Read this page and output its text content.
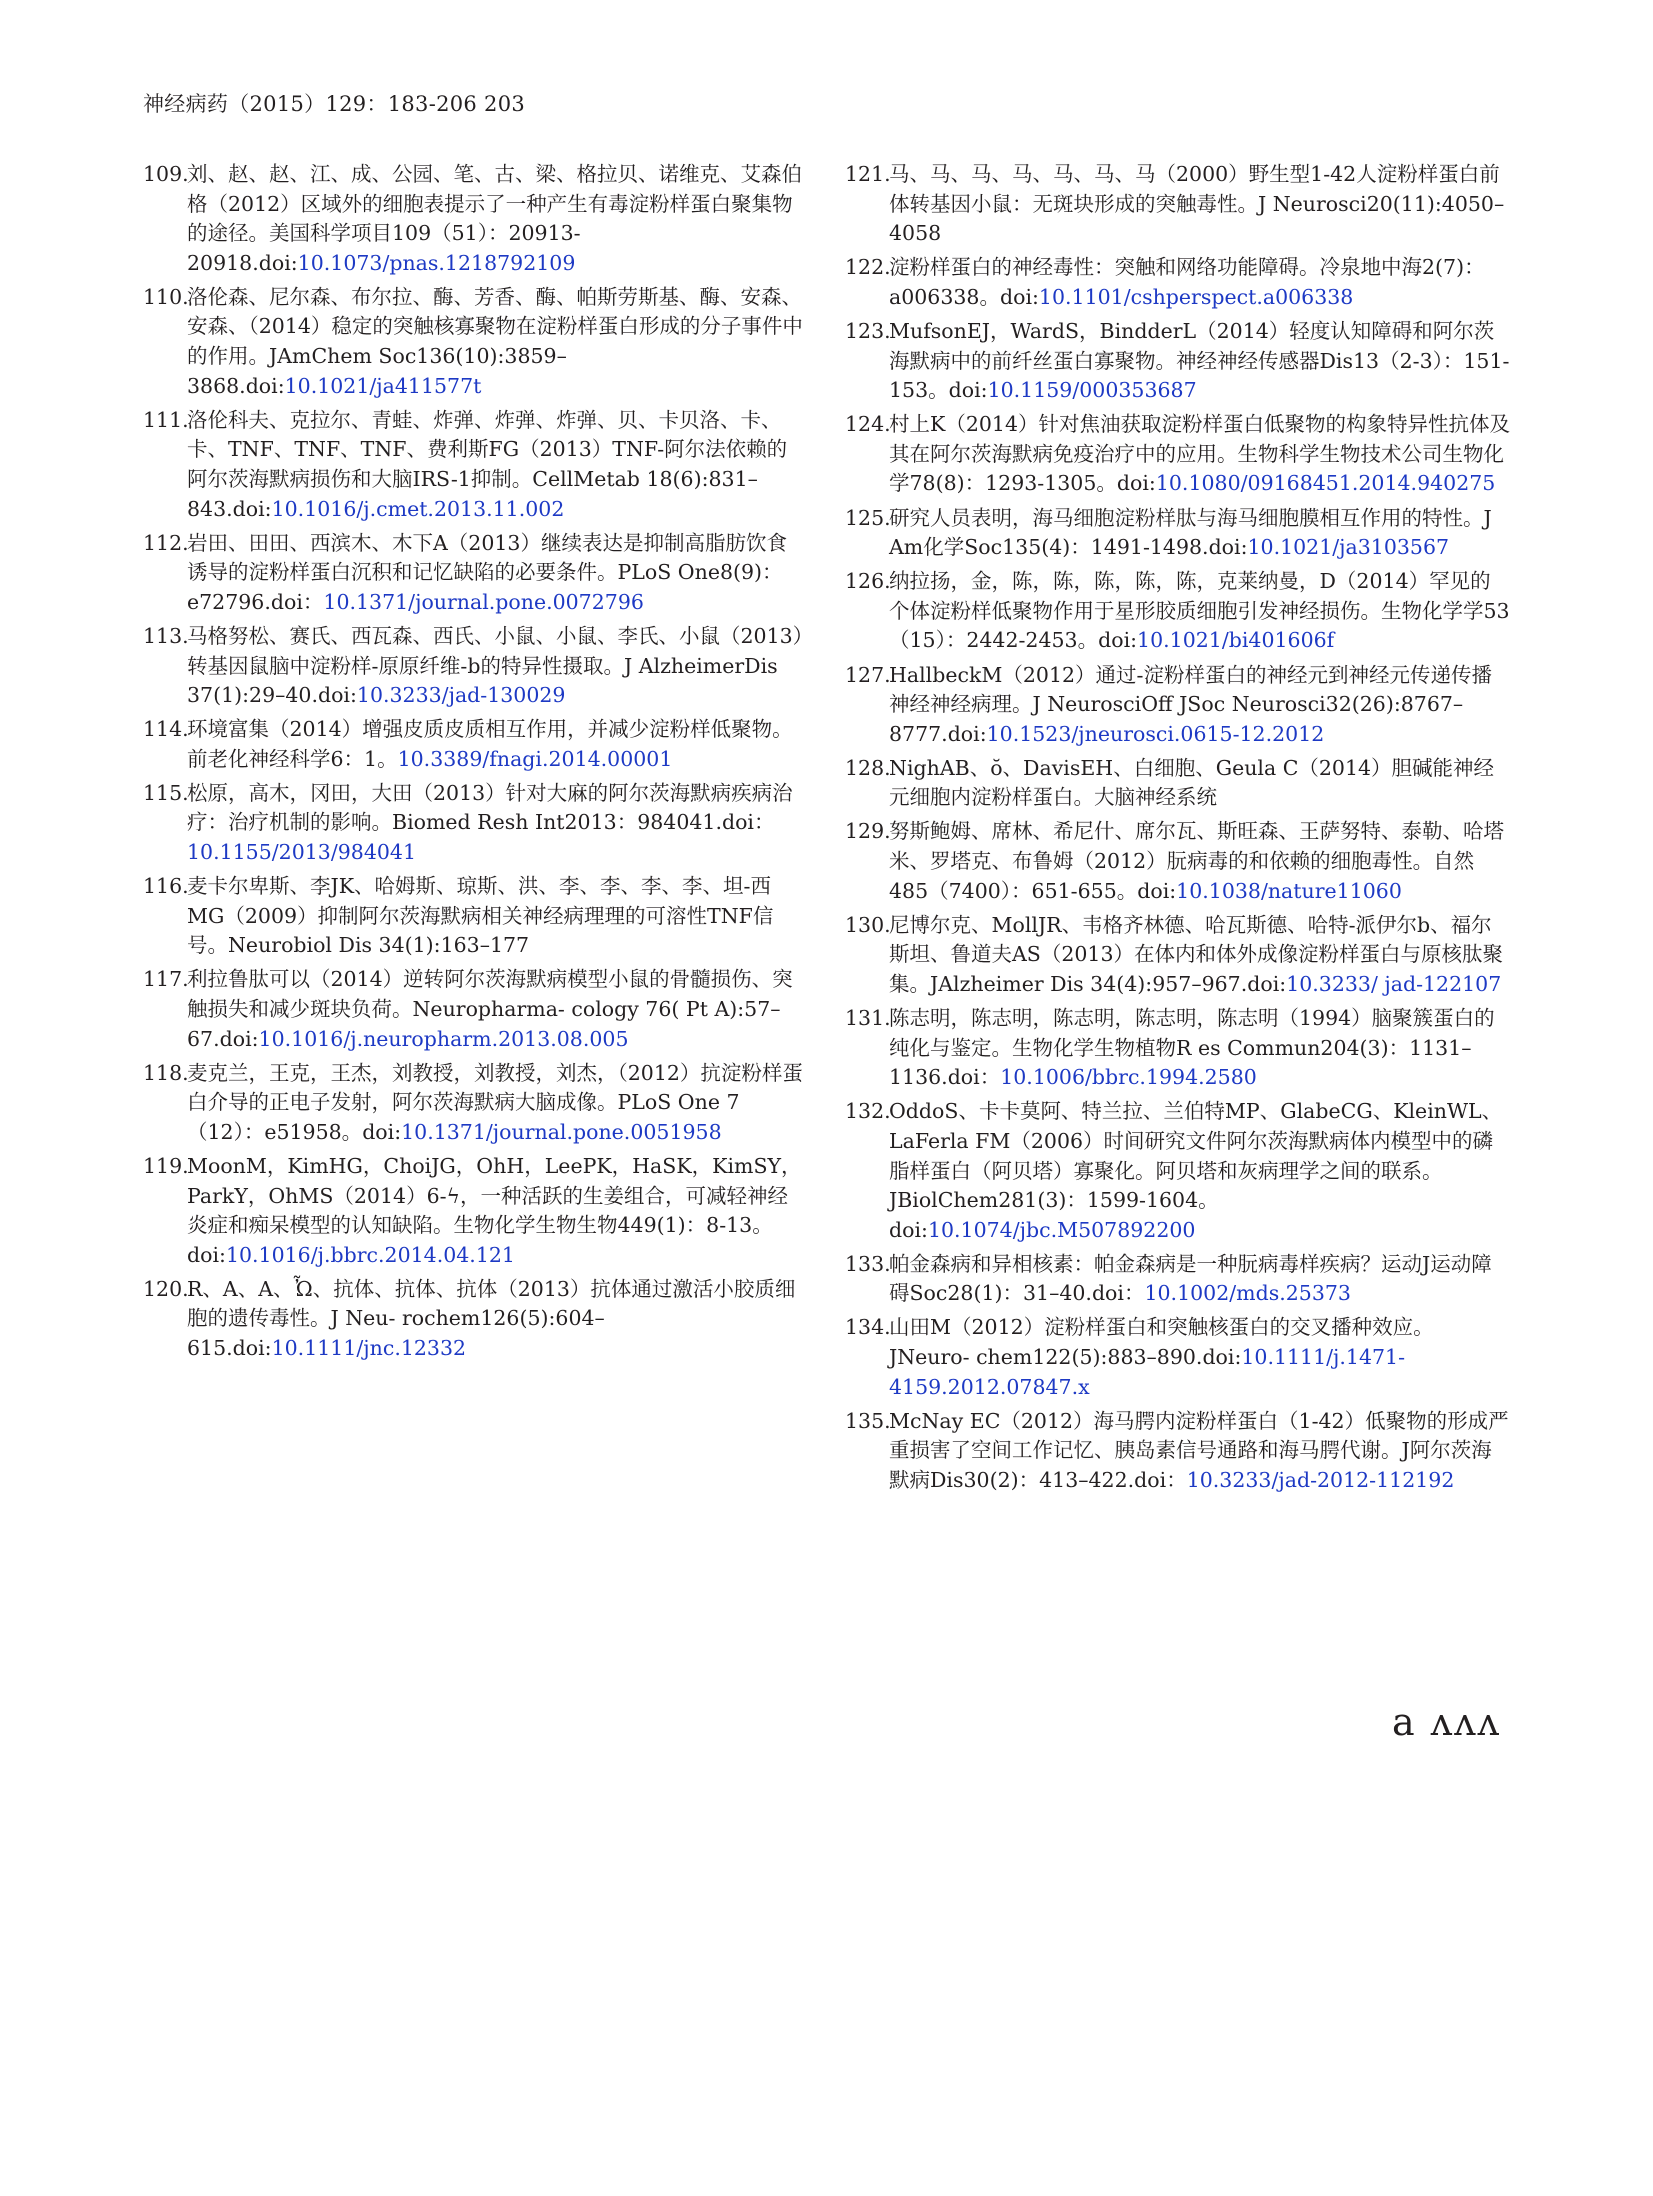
神经病药（2015）129：183-206 203
109.
刘、赵、赵、江、成、公园、笔、古、梁、格拉贝、诺维克、艾森伯格（2012）区域外的细胞表提示了一种产生有毒淀粉样蛋白聚集物的途径。美国科学项目109（51）：20913-20918.doi:10.1073/pnas.1218792109
110.
洛伦森、尼尔森、布尔拉、酶、芳香、酶、帕斯劳斯基、酶、安森、安森、（2014）稳定的突触核寡聚物在淀粉样蛋白形成的分子事件中的作用。JAmChem Soc136(10):3859–3868.doi:10.1021/ja411577t
111.
洛伦科夫、克拉尔、青蛙、炸弹、炸弹、炸弹、贝、卡贝洛、卡、卡、TNF、TNF、TNF、费利斯FG（2013）TNF-阿尔法依赖的阿尔茨海默病损伤和大脑IRS-1抑制。CellMetab 18(6):831–843.doi:10.1016/j.cmet.2013.11.002
112.
岩田、田田、西滨木、木下A（2013）继续表达是抑制高脂肪饮食诱导的淀粉样蛋白沉积和记忆缺陷的必要条件。PLoS One8(9)：e72796.doi：10.1371/journal.pone.0072796
113.
马格努松、赛氏、西瓦森、西氏、小鼠、小鼠、李氏、小鼠（2013）转基因鼠脑中淀粉样-原原纤维-b的特异性摄取。J AlzheimerDis 37(1):29–40.doi:10.3233/jad-130029
114.
环境富集（2014）增强皮质皮质相互作用，并减少淀粉样低聚物。前老化神经科学6：1。10.3389/fnagi.2014.00001
115.
松原，高木，冈田，大田（2013）针对大麻的阿尔茨海默病疾病治疗：治疗机制的影响。Biomed Resh Int2013：984041.doi：10.1155/2013/984041
116.
麦卡尔卑斯、李JK、哈姆斯、琼斯、洪、李、李、李、李、坦-西MG（2009）抑制阿尔茨海默病相关神经病理理的可溶性TNF信号。Neurobiol Dis 34(1):163–177
117.
利拉鲁肽可以（2014）逆转阿尔茨海默病模型小鼠的骨髓损伤、突触损失和减少斑块负荷。Neuropharma- cology 76( Pt A):57–67.doi:10.1016/j.neuropharm.2013.08.005
118.
麦克兰，王克，王杰，刘教授，刘教授，刘杰，（2012）抗淀粉样蛋白介导的正电子发射，阿尔茨海默病大脑成像。PLoS One 7（12）：e51958。doi:10.1371/journal.pone.0051958
119.
MoonM，KimHG，ChoiJG，OhH，LeePK，HaSK，KimSY，ParkY，OhMS（2014）6-ϟ，一种活跃的生姜组合，可减轻神经炎症和痴呆模型的认知缺陷。生物化学生物生物449(1)：8-13。doi:10.1016/j.bbrc.2014.04.121
120.
R、A、A、Ὦ、抗体、抗体、抗体（2013）抗体通过激活小胶质细胞的遗传毒性。J Neu- rochem126(5):604–615.doi:10.1111/jnc.12332
121.
马、马、马、马、马、马、马（2000）野生型1-42人淀粉样蛋白前体转基因小鼠：无斑块形成的突触毒性。J Neurosci20(11):4050–4058
122.
淀粉样蛋白的神经毒性：突触和网络功能障碍。冷泉地中海2(7)：a006338。doi:10.1101/cshperspect.a006338
123.
MufsonEJ，WardS，BindderL（2014）轻度认知障碍和阿尔茨海默病中的前纤丝蛋白寡聚物。神经神经传感器Dis13（2-3）：151-153。doi:10.1159/000353687
124.
村上K（2014）针对焦油获取淀粉样蛋白低聚物的构象特异性抗体及其在阿尔茨海默病免疫治疗中的应用。生物科学生物技术公司生物化学78(8)：1293-1305。doi:10.1080/09168451.2014.940275
125.
研究人员表明，海马细胞淀粉样肽与海马细胞膜相互作用的特性。J Am化学Soc135(4)：1491-1498.doi:10.1021/ja3103567
126.
纳拉扬，金，陈，陈，陈，陈，陈，克莱纳曼，D（2014）罕见的个体淀粉样低聚物作用于星形胶质细胞引发神经损伤。生物化学学53（15）：2442-2453。doi:10.1021/bi401606f
127.
HallbeckM（2012）通过-淀粉样蛋白的神经元到神经元传递传播神经神经病理。J NeurosciOff JSoc Neurosci32(26):8767–8777.doi:10.1523/jneurosci.0615-12.2012
128.
NighAB、ŏ、DavisEH、白细胞、Geula C（2014）胆碱能神经元细胞内淀粉样蛋白。大脑神经系统
129.
努斯鲍姆、席林、希尼什、席尔瓦、斯旺森、王萨努特、泰勒、哈塔米、罗塔克、布鲁姆（2012）朊病毒的和依赖的细胞毒性。自然485（7400）：651-655。doi:10.1038/nature11060
130.
尼博尔克、MollJR、韦格齐林德、哈瓦斯德、哈特-派伊尔b、福尔斯坦、鲁道夫AS（2013）在体内和体外成像淀粉样蛋白与原核肽聚集。JAlzheimer Dis 34(4):957–967.doi:10.3233/ jad-122107
131.
陈志明，陈志明，陈志明，陈志明，陈志明（1994）脑聚簇蛋白的纯化与鉴定。生物化学生物植物R es Commun204(3)：1131–1136.doi：10.1006/bbrc.1994.2580
132.
OddoS、卡卡莫阿、特兰拉、兰伯特MP、GlabeCG、KleinWL、LaFerla FM（2006）时间研究文件阿尔茨海默病体内模型中的磷脂样蛋白（阿贝塔）寡聚化。阿贝塔和灰病理学之间的联系。JBiolChem281(3)：1599-1604。doi:10.1074/jbc.M507892200
133.
帕金森病和异相核素：帕金森病是一种朊病毒样疾病？运动J运动障碍Soc28(1)：31–40.doi：10.1002/mds.25373
134.
山田M（2012）淀粉样蛋白和突触核蛋白的交叉播种效应。JNeuro- chem122(5):883–890.doi:10.1111/j.1471-4159.2012.07847.x
135.
McNay EC（2012）海马腭内淀粉样蛋白（1-42）低聚物的形成严重损害了空间工作记忆、胰岛素信号通路和海马腭代谢。J阿尔茨海默病Dis30(2)：413–422.doi：10.3233/jad-2012-112192
a ʌʌʌ
